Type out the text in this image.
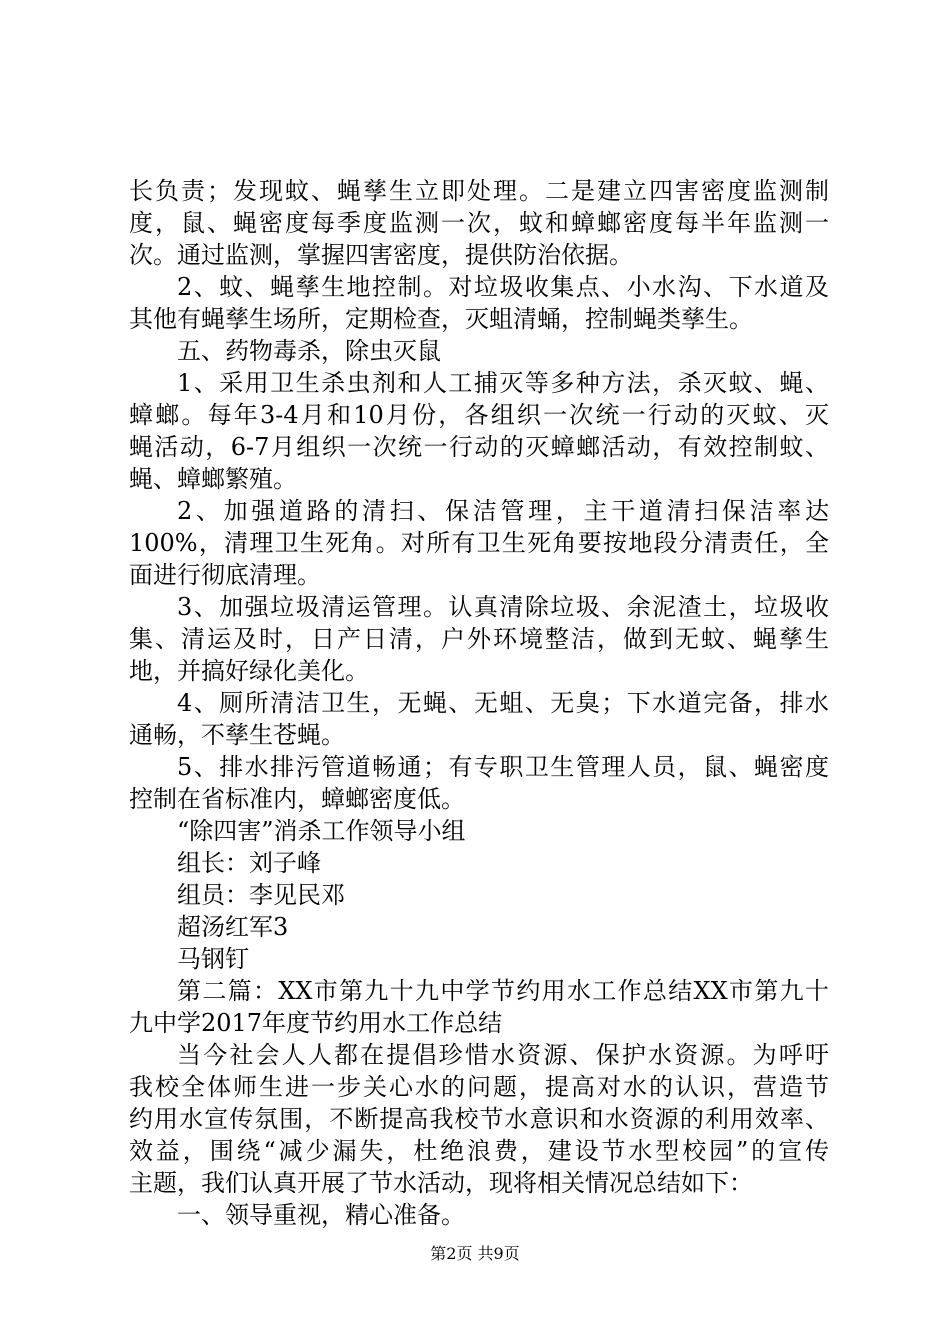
长负责；发现蚊、蝇孳生立即处理。二是建立四害密度监测制
度，鼠、蝇密度每季度监测一次，蚊和蟑螂密度每半年监测一
次。通过监测，掌握四害密度，提供防治依据。
2、蚊、蝇孳生地控制。对垃圾收集点、小水沟、下水道及
其他有蝇孳生场所，定期检查，灭蛆清蛹，控制蝇类孳生。
五、药物毒杀，除虫灭鼠
1、采用卫生杀虫剂和人工捕灭等多种方法，杀灭蚊、蝇、
蟑螂。每年3-4月和10月份，各组织一次统一行动的灭蚊、灭
蝇活动，6-7月组织一次统一行动的灭蟑螂活动，有效控制蚊、
蝇、蟑螂繁殖。
2、加强道路的清扫、保洁管理，主干道清扫保洁率达
100%，清理卫生死角。对所有卫生死角要按地段分清责任，全
面进行彻底清理。
3、加强垃圾清运管理。认真清除垃圾、余泥渣土，垃圾收
集、清运及时，日产日清，户外环境整洁，做到无蚊、蝇孳生
地，并搞好绿化美化。
4、厕所清洁卫生，无蝇、无蛆、无臭；下水道完备，排水
通畅，不孳生苍蝇。
5、排水排污管道畅通；有专职卫生管理人员，鼠、蝇密度
控制在省标准内，蟑螂密度低。
“除四害”消杀工作领导小组
组长：刘子峰
组员：李见民邓
超汤红军3
马钢钉
第二篇：XX市第九十九中学节约用水工作总结XX市第九十
九中学2017年度节约用水工作总结
当今社会人人都在提倡珍惜水资源、保护水资源。为呼吁
我校全体师生进一步关心水的问题，提高对水的认识，营造节
约用水宣传氛围，不断提高我校节水意识和水资源的利用效率、
效益，围绕“减少漏失，杜绝浪费，建设节水型校园”的宣传
主题，我们认真开展了节水活动，现将相关情况总结如下：
一、领导重视，精心准备。
第2页 共9页
